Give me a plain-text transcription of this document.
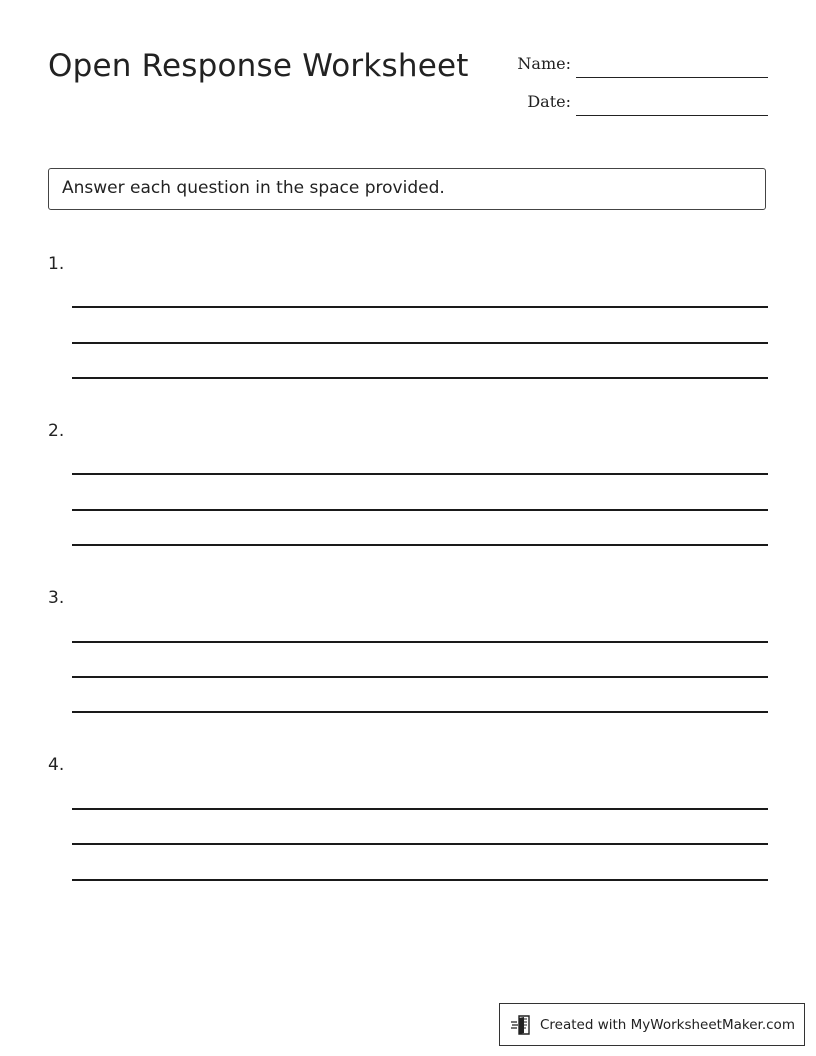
Open Response Worksheet	Name:
Date:
Answer each question in the space provided.
1.
2.
3.
4.
Created with MyWorksheetMaker.com
